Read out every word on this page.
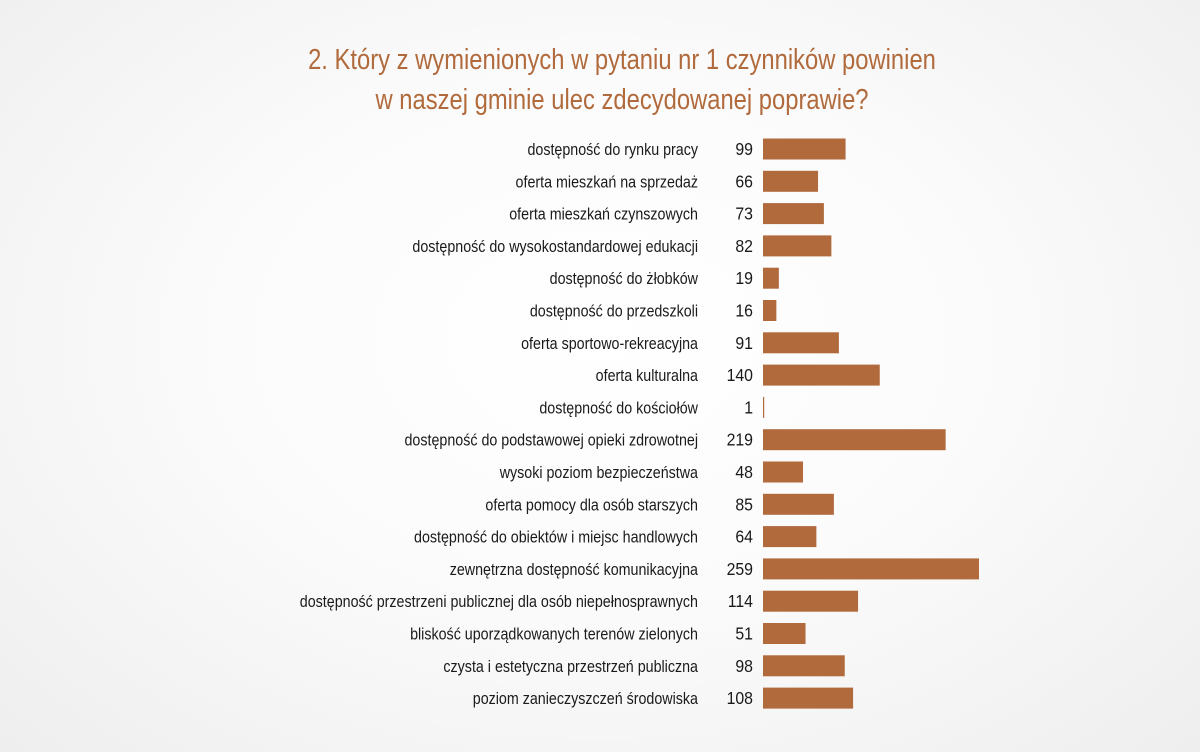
2. Który z wymienionych w pytaniu nr 1 czynników powinien
w naszej gminie ulec zdecydowanej poprawie?
dostępność do rynku pracy 99
oferta mieszkań na sprzedaż 66
oferta mieszkań czynszowych 73
dostępność do wysokostandardowej edukacji 82
dostępność do żłobków 19
dostępność do przedszkoli 16
oferta sportowo-rekreacyjna 91
oferta kulturalna 140
dostępność do kościołów	1
dostępność do podstawowej opieki zdrowotnej 219
wysoki poziom bezpieczeństwa 48
oferta pomocy dla osób starszych 85
dostępność do obiektów i miejsc handlowych 64
zewnętrzna dostępność komunikacyjna 259
dostępność przestrzeni publicznej dla osób niepełnosprawnych 114
bliskość uporządkowanych terenów zielonych 51
czysta i estetyczna przestrzeń publiczna 98
poziom zanieczyszczeń środowiska 108
